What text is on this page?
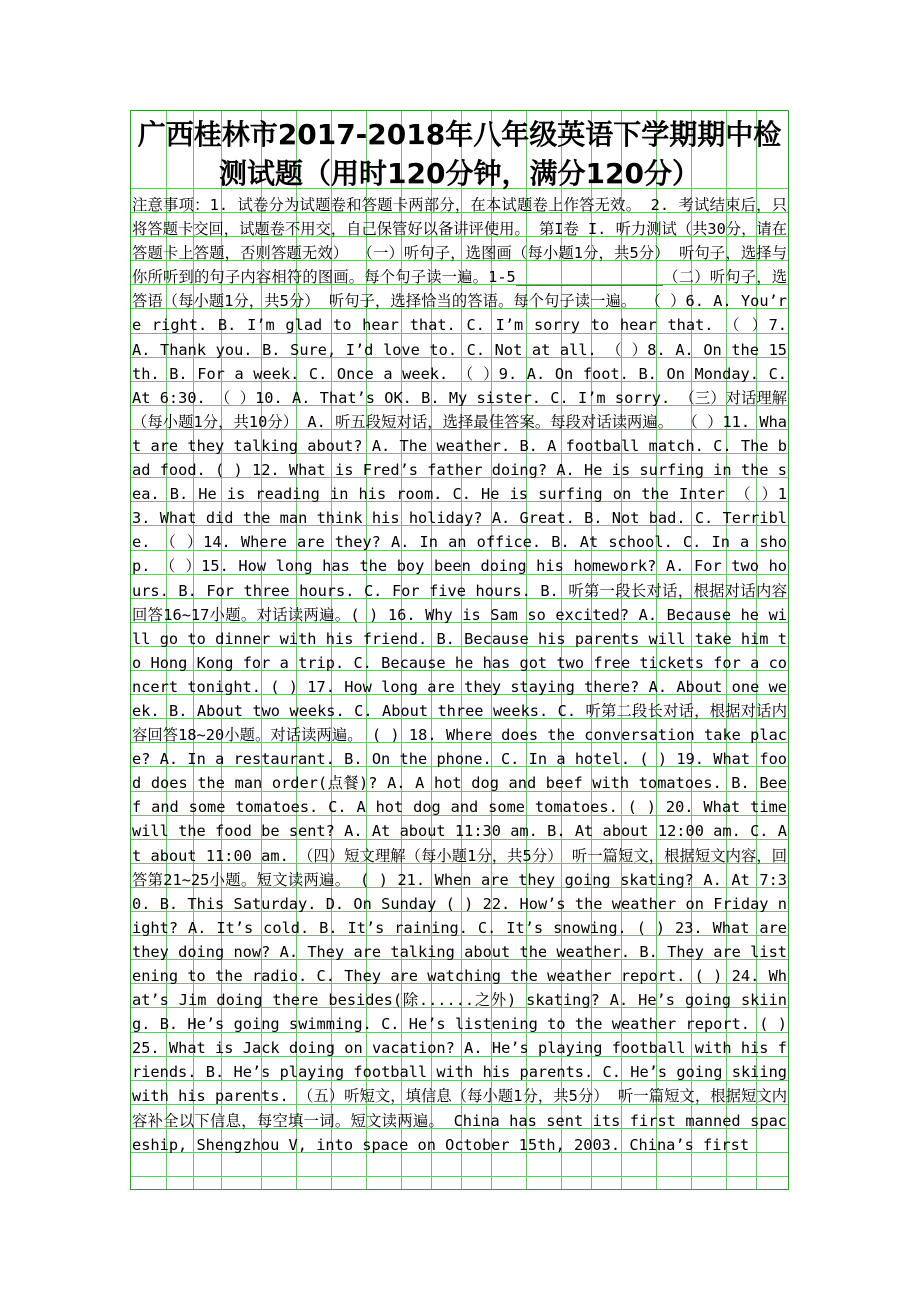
广西桂林市2017-2018年八年级英语下学期期中检测试题（用时120分钟，满分120分）

注意事项：1. 试卷分为试题卷和答题卡两部分，在本试题卷上作答无效。 2. 考试结束后，只将答题卡交回，试题卷不用交，自己保管好以备讲评使用。 第I卷 I. 听力测试（共30分，请在答题卡上答题，否则答题无效） （一）听句子，选图画（每小题1分，共5分） 听句子，选择与你所听到的句子内容相符的图画。每个句子读一遍。1-5________________（二）听句子，选答语（每小题1分，共5分） 听句子，选择恰当的答语。每个句子读一遍。 （ ）6. A. You’re right. B. I’m glad to hear that. C. I’m sorry to hear that. （ ）7. A. Thank you. B. Sure, I’d love to. C. Not at all. （ ）8. A. On the 15th. B. For a week. C. Once a week. （ ）9. A. On foot. B. On Monday. C. At 6:30. （ ）10. A. That’s OK. B. My sister. C. I’m sorry. （三）对话理解（每小题1分，共10分） A. 听五段短对话，选择最佳答案。每段对话读两遍。 （ ）11. What are they talking about? A. The weather. B. A football match. C. The bad food. ( ) 12. What is Fred’s father doing? A. He is surfing in the sea. B. He is reading in his room. C. He is surfing on the Inter （ ）13. What did the man think his holiday? A. Great. B. Not bad. C. Terrible. （ ）14. Where are they? A. In an office. B. At school. C. In a shop. （ ）15. How long has the boy been doing his homework? A. For two hours. B. For three hours. C. For five hours. B. 听第一段长对话，根据对话内容回答16~17小题。对话读两遍。( ) 16. Why is Sam so excited? A. Because he will go to dinner with his friend. B. Because his parents will take him to Hong Kong for a trip. C. Because he has got two free tickets for a concert tonight. ( ) 17. How long are they staying there? A. About one week. B. About two weeks. C. About three weeks. C. 听第二段长对话，根据对话内容回答18~20小题。对话读两遍。 ( ) 18. Where does the conversation take place? A. In a restaurant. B. On the phone. C. In a hotel. ( ) 19. What food does the man order(点餐)? A. A hot dog and beef with tomatoes. B. Beef and some tomatoes. C. A hot dog and some tomatoes. ( ) 20. What time will the food be sent? A. At about 11:30 am. B. At about 12:00 am. C. At about 11:00 am. （四）短文理解（每小题1分，共5分） 听一篇短文，根据短文内容，回答第21~25小题。短文读两遍。 ( ) 21. When are they going skating? A. At 7:30. B. This Saturday. D. On Sunday ( ) 22. How’s the weather on Friday night? A. It’s cold. B. It’s raining. C. It’s snowing. ( ) 23. What are they doing now? A. They are talking about the weather. B. They are listening to the radio. C. They are watching the weather report. ( ) 24. What’s Jim doing there besides(除......之外) skating? A. He’s going skiing. B. He’s going swimming. C. He’s listening to the weather report. ( ) 25. What is Jack doing on vacation? A. He’s playing football with his friends. B. He’s playing football with his parents. C. He’s going skiing with his parents. （五）听短文，填信息（每小题1分，共5分） 听一篇短文，根据短文内容补全以下信息，每空填一词。短文读两遍。 China has sent its first manned spaceship, Shengzhou V, into space on October 15th, 2003. China’s first
